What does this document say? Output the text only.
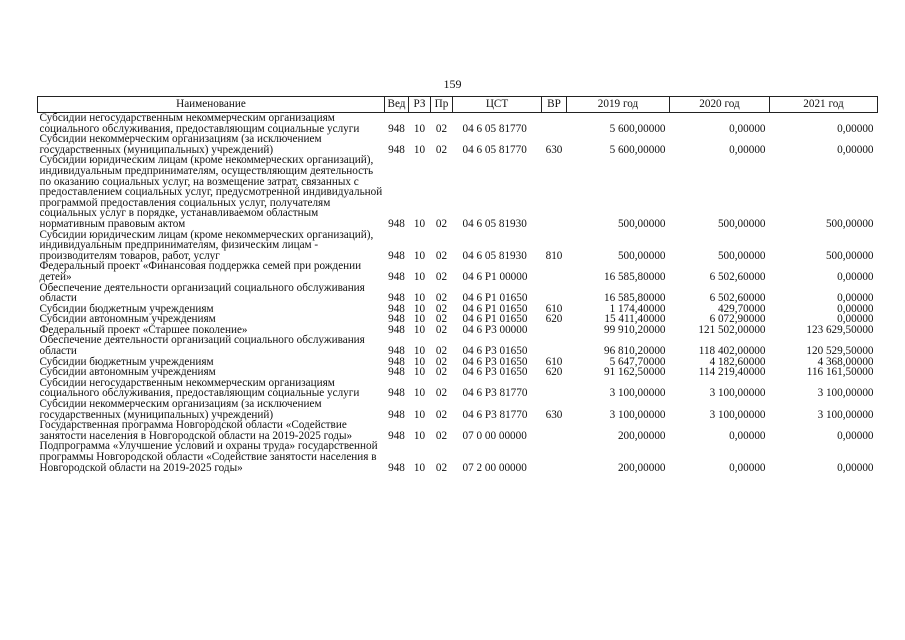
159
Наименование	Вед	РЗ	Пр	ЦСТ	ВР	2019 год	2020 год	2021 год
Субсидии негосударственным некоммерческим организациям социального обслуживания, предоставляющим социальные услуги	948	10	02	04 6 05 81770		5 600,00000	0,00000	0,00000
Субсидии некоммерческим организациям (за исключением государственных (муниципальных) учреждений)	948	10	02	04 6 05 81770	630	5 600,00000	0,00000	0,00000
Субсидии юридическим лицам (кроме некоммерческих организаций), индивидуальным предпринимателям, осуществляющим деятельность по оказанию социальных услуг, на возмещение затрат, связанных с предоставлением социальных услуг, предусмотренной индивидуальной программой предоставления социальных услуг, получателям социальных услуг в порядке, устанавливаемом областным нормативным правовым актом	948	10	02	04 6 05 81930		500,00000	500,00000	500,00000
Субсидии юридическим лицам (кроме некоммерческих организаций), индивидуальным предпринимателям, физическим лицам - производителям товаров, работ, услуг	948	10	02	04 6 05 81930	810	500,00000	500,00000	500,00000
Федеральный проект «Финансовая поддержка семей при рождении детей»	948	10	02	04 6 P1 00000		16 585,80000	6 502,60000	0,00000
Обеспечение деятельности организаций социального обслуживания области	948	10	02	04 6 P1 01650		16 585,80000	6 502,60000	0,00000
Субсидии бюджетным учреждениям	948	10	02	04 6 P1 01650	610	1 174,40000	429,70000	0,00000
Субсидии автономным учреждениям	948	10	02	04 6 P1 01650	620	15 411,40000	6 072,90000	0,00000
Федеральный проект «Старшее поколение»	948	10	02	04 6 P3 00000		99 910,20000	121 502,00000	123 629,50000
Обеспечение деятельности организаций социального обслуживания области	948	10	02	04 6 P3 01650		96 810,20000	118 402,00000	120 529,50000
Субсидии бюджетным учреждениям	948	10	02	04 6 P3 01650	610	5 647,70000	4 182,60000	4 368,00000
Субсидии автономным учреждениям	948	10	02	04 6 P3 01650	620	91 162,50000	114 219,40000	116 161,50000
Субсидии негосударственным некоммерческим организациям социального обслуживания, предоставляющим социальные услуги	948	10	02	04 6 P3 81770		3 100,00000	3 100,00000	3 100,00000
Субсидии некоммерческим организациям (за исключением государственных (муниципальных) учреждений)	948	10	02	04 6 P3 81770	630	3 100,00000	3 100,00000	3 100,00000
Государственная программа Новгородской области «Содействие занятости населения в Новгородской области на 2019-2025 годы»	948	10	02	07 0 00 00000		200,00000	0,00000	0,00000
Подпрограмма «Улучшение условий и охраны труда» государственной программы Новгородской области «Содействие занятости населения в Новгородской области на 2019-2025 годы»	948	10	02	07 2 00 00000		200,00000	0,00000	0,00000
